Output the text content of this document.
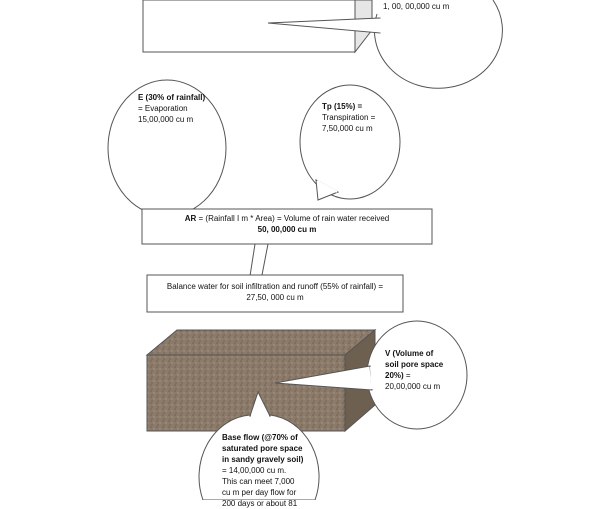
1, 00, 00,000 cu m
E (30% of rainfall)
= Evaporation
15,00,000 cu m
Tp (15%) =
Transpiration =
7,50,000 cu m
AR = (Rainfall I m * Area) = Volume of rain water received
50, 00,000 cu m
Balance water for soil infiltration and runoff (55% of rainfall) =
27,50, 000 cu m
V (Volume of
soil pore space
20%) =
20,00,000 cu m
Base flow (@70% of
saturated pore space
in sandy gravely soil)
= 14,00,000 cu m.
This can meet 7,000
cu m per day flow for
200 days or about 81
